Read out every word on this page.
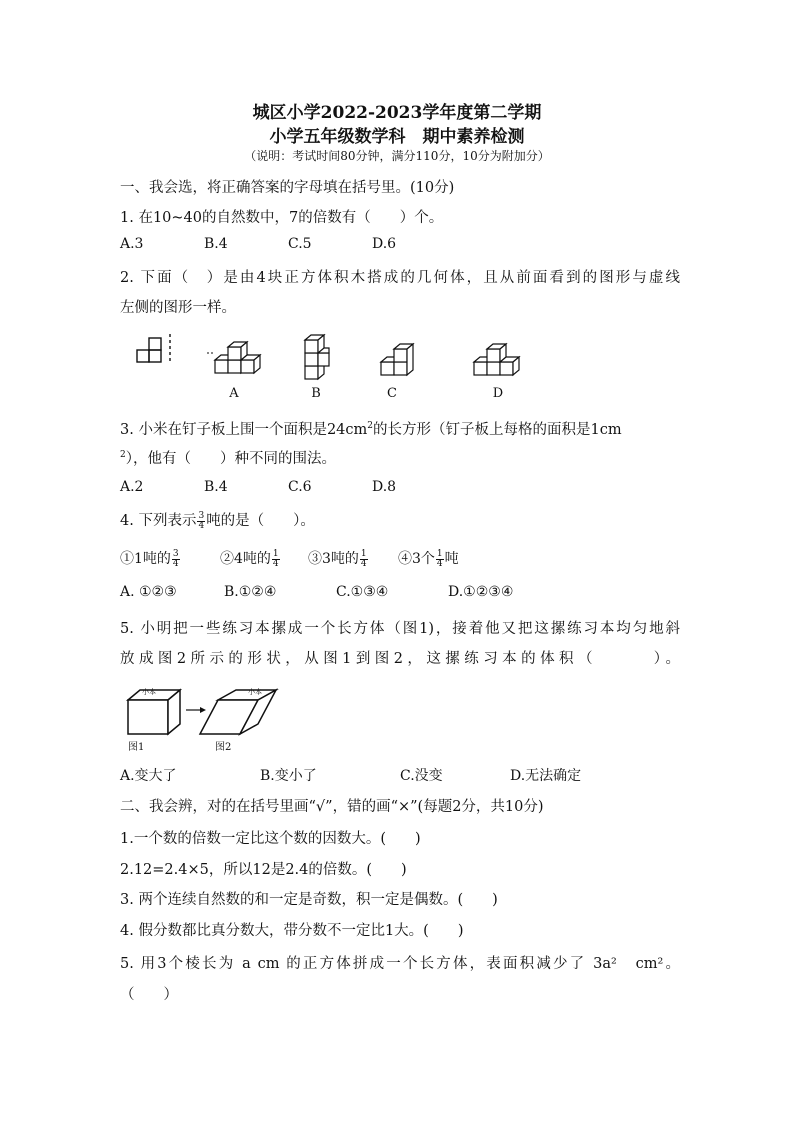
城区小学2022-2023学年度第二学期
小学五年级数学科　期中素养检测
（说明：考试时间80分钟，满分110分，10分为附加分）
一、我会选，将正确答案的字母填在括号里。(10分)
1. 在10~40的自然数中，7的倍数有（　　）个。
A.3	B.4	C.5	D.6
2. 下面（　）是由4块正方体积木搭成的几何体，且从前面看到的图形与虚线
左侧的图形一样。
A	B	C	D
3. 小米在钉子板上围一个面积是$24cm^2$的长方形（钉子板上每格的面积是1cm
$^2$），他有（　　）种不同的围法。
A.2	B.4	C.6	D.8
4. 下列表示 $\frac{3}{4}$ 吨的是（　　）。
①1吨的 $\frac{3}{4}$	②4吨的 $\frac{1}{4}$ ③3吨的 $\frac{1}{4}$ ④3个 $\frac{1}{4}$ 吨
A. ①②③	B.①②④	C.①③④	D.①②③④
5. 小明把一些练习本摞成一个长方体（图1)，接着他又把这摞练习本均匀地斜
放成图2所示的形状，从图1到图2，这摞练习本的体积（　　　）。
小本	小本
图1	图2
A.变大了	B.变小了	C.没变	D.无法确定
二、我会辨，对的在括号里画“√”，错的画“×”(每题2分，共10分)
1.一个数的倍数一定比这个数的因数大。(　　)
2.12=2.4×5，所以12是2.4的倍数。(　　)
3. 两个连续自然数的和一定是奇数，积一定是偶数。(　　)
4. 假分数都比真分数大，带分数不一定比1大。(　　)
5. 用3个棱长为 a cm 的正方体拼成一个长方体，表面积减少了 3a²　cm²。
（　　）
